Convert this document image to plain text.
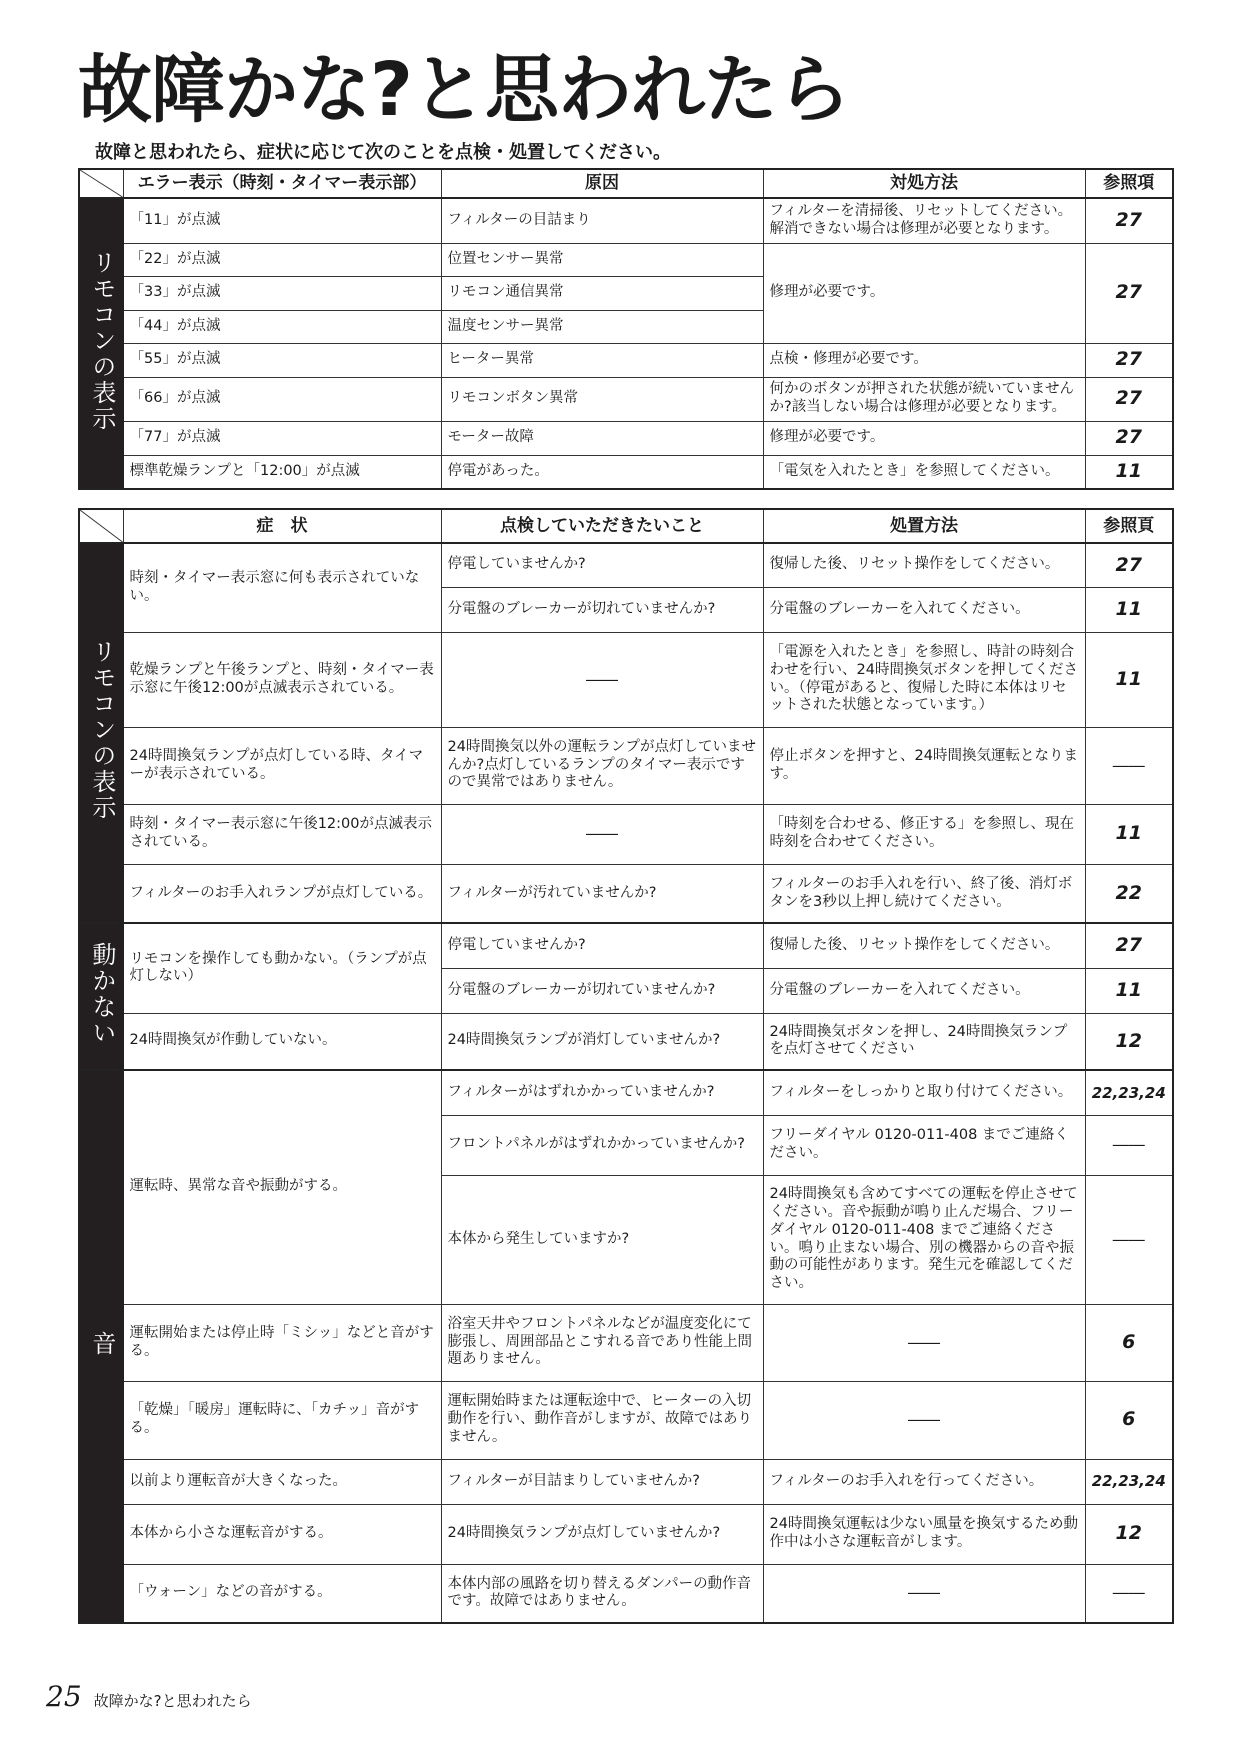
故障かな?と思われたら

故障と思われたら、症状に応じて次のことを点検・処置してください。

	エラー表示（時刻・タイマー表示部）	原因	対処方法	参照項
リモコンの表示	「11」が点滅	フィルターの目詰まり	フィルターを清掃後、リセットしてください。解消できない場合は修理が必要となります。	27
	「22」が点滅	位置センサー異常	修理が必要です。	27
	「33」が点滅	リモコン通信異常		
	「44」が点滅	温度センサー異常		
	「55」が点滅	ヒーター異常	点検・修理が必要です。	27
	「66」が点滅	リモコンボタン異常	何かのボタンが押された状態が続いていませんか?該当しない場合は修理が必要となります。	27
	「77」が点滅	モーター故障	修理が必要です。	27
	標準乾燥ランプと「12:00」が点滅	停電があった。	「電気を入れたとき」を参照してください。	11
	症　状	点検していただきたいこと	処置方法	参照頁
リモコンの表示	時刻・タイマー表示窓に何も表示されていない。	停電していませんか?	復帰した後、リセット操作をしてください。	27
		分電盤のブレーカーが切れていませんか?	分電盤のブレーカーを入れてください。	11
	乾燥ランプと午後ランプと、時刻・タイマー表示窓に午後12:00が点滅表示されている。	――	「電源を入れたとき」を参照し、時計の時刻合わせを行い、24時間換気ボタンを押してください。（停電があると、復帰した時に本体はリセットされた状態となっています。）	11
	24時間換気ランプが点灯している時、タイマーが表示されている。	24時間換気以外の運転ランプが点灯していませんか?点灯しているランプのタイマー表示ですので異常ではありません。	停止ボタンを押すと、24時間換気運転となります。	――
	時刻・タイマー表示窓に午後12:00が点滅表示されている。	――	「時刻を合わせる、修正する」を参照し、現在時刻を合わせてください。	11
	フィルターのお手入れランプが点灯している。	フィルターが汚れていませんか?	フィルターのお手入れを行い、終了後、消灯ボタンを3秒以上押し続けてください。	22

動かない	リモコンを操作しても動かない。（ランプが点灯しない）	停電していませんか?	復帰した後、リセット操作をしてください。	27
		分電盤のブレーカーが切れていませんか?	分電盤のブレーカーを入れてください。	11
	24時間換気が作動していない。	24時間換気ランプが消灯していませんか?	24時間換気ボタンを押し、24時間換気ランプを点灯させてください	12
音	運転時、異常な音や振動がする。	フィルターがはずれかかっていませんか?	フィルターをしっかりと取り付けてください。	22,23,24
		フロントパネルがはずれかかっていませんか?	フリーダイヤル 0120-011-408 までご連絡ください。	――
		本体から発生していますか?	24時間換気も含めてすべての運転を停止させてください。音や振動が鳴り止んだ場合、フリーダイヤル 0120-011-408 までご連絡ください。鳴り止まない場合、別の機器からの音や振動の可能性があります。発生元を確認してください。	――
	運転開始または停止時「ミシッ」などと音がする。	浴室天井やフロントパネルなどが温度変化にて膨張し、周囲部品とこすれる音であり性能上問題ありません。	――	6
	「乾燥」「暖房」運転時に、「カチッ」音がする。	運転開始時または運転途中で、ヒーターの入切動作を行い、動作音がしますが、故障ではありません。	――	6
	以前より運転音が大きくなった。	フィルターが目詰まりしていませんか?	フィルターのお手入れを行ってください。	22,23,24
	本体から小さな運転音がする。	24時間換気ランプが点灯していませんか?	24時間換気運転は少ない風量を換気するため動作中は小さな運転音がします。	12
	「ウォーン」などの音がする。	本体内部の風路を切り替えるダンパーの動作音です。故障ではありません。	――	――
25 故障かな?と思われたら
